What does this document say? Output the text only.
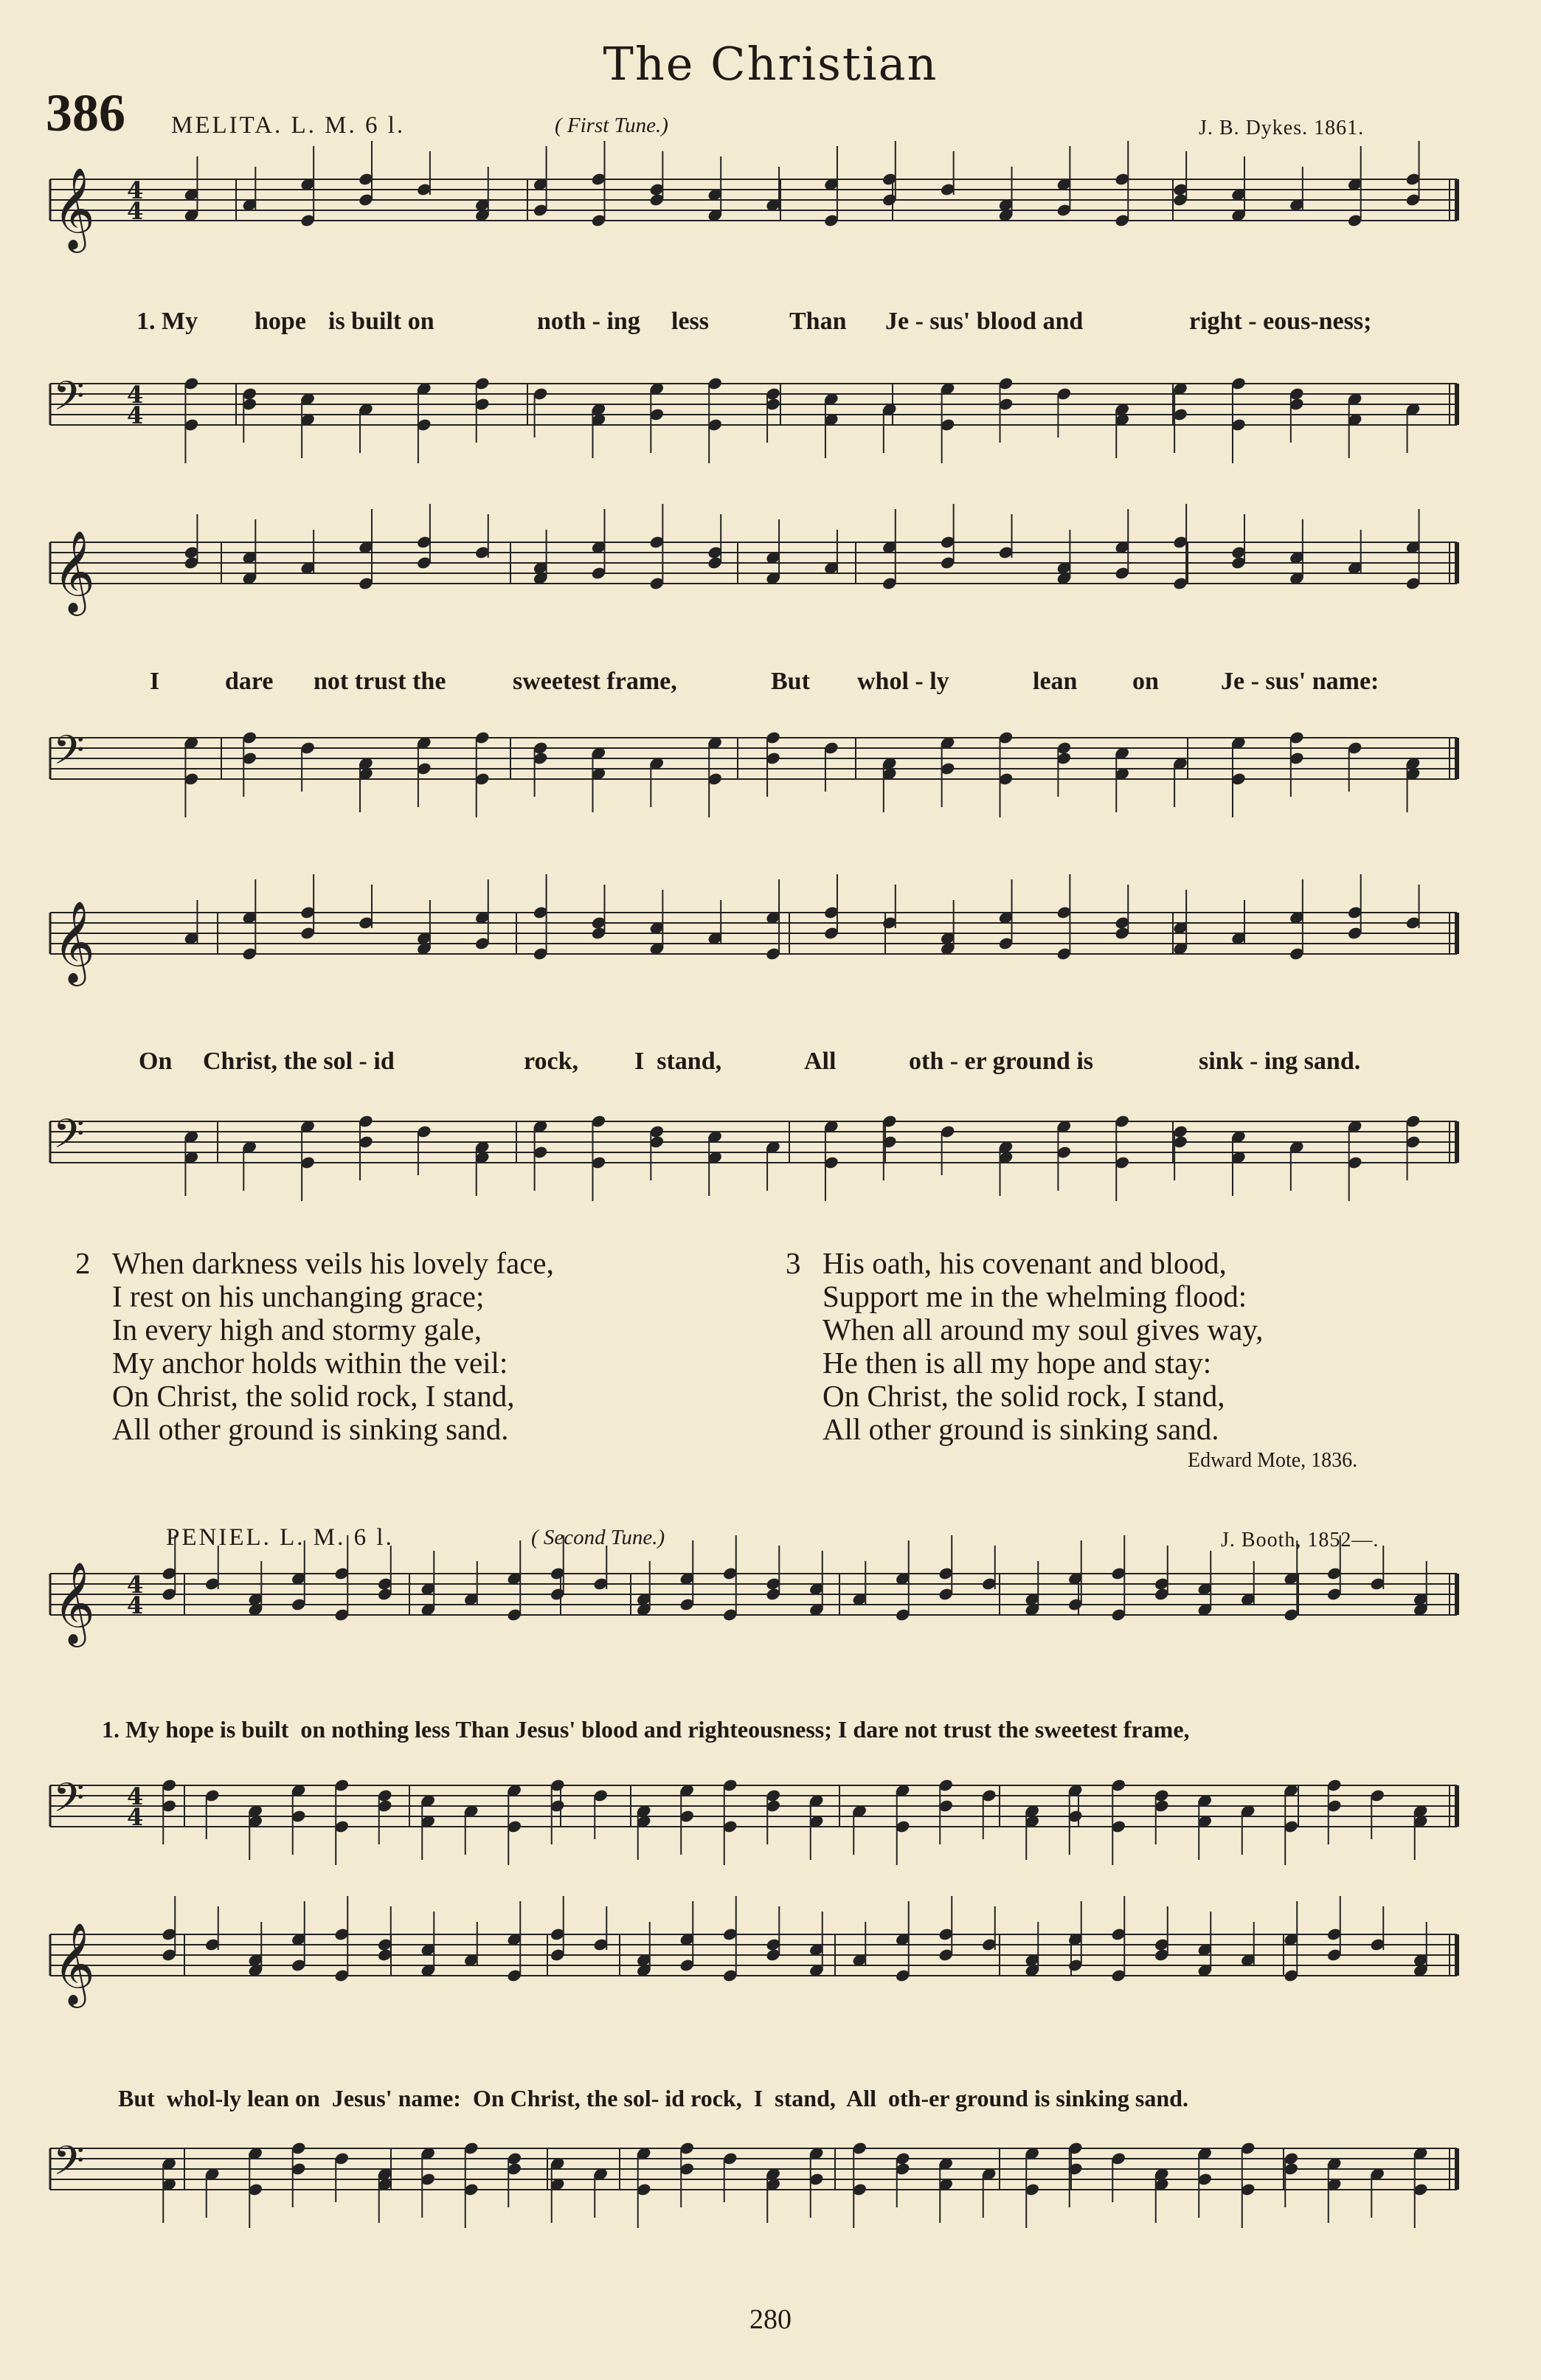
The Christian
386 MELITA. L. M. 6 l.	( First Tune.)	J. B. Dykes. 1861.
𝄞 4
4
𝄢 4
4
𝄞
𝄢
𝄞
𝄢
𝄞 4
4
𝄢 4
4
𝄞
𝄢
1. My hope is built on	noth - ing less	Than Je - sus' blood and	right - eous-ness;
I	dare not trust the	sweetest frame,	But whol - ly	lean on Je - sus' name:
On Christ, the sol - id	rock, I  stand,	All	oth - er ground is	sink - ing sand.
2 When darkness veils his lovely face,
I rest on his unchanging grace;
In every high and stormy gale,
My anchor holds within the veil:
On Christ, the solid rock, I stand,
All other ground is sinking sand.
3 His oath, his covenant and blood,
Support me in the whelming flood:
When all around my soul gives way,
He then is all my hope and stay:
On Christ, the solid rock, I stand,
All other ground is sinking sand.
Edward Mote, 1836.
PENIEL. L. M. 6 l.	( Second Tune.)	J. Booth, 1852—.
1. My hope is built  on nothing less Than Jesus' blood and righteousness; I dare not trust the sweetest frame,
But  whol-ly lean on  Jesus' name:  On Christ, the sol- id rock,  I  stand,  All  oth-er ground is sinking sand.
280
